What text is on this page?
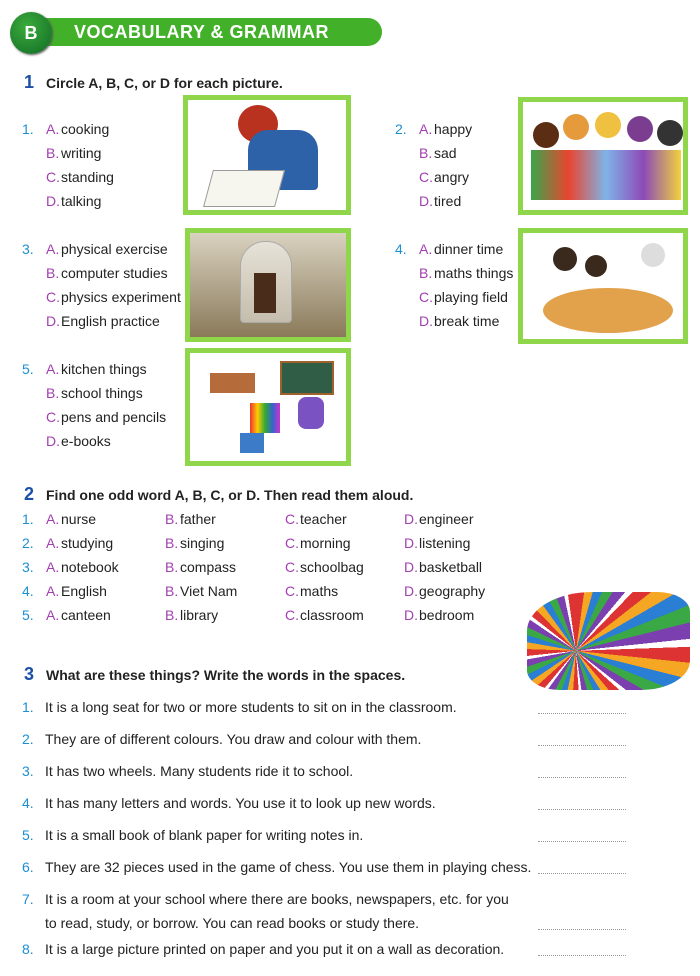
VOCABULARY & GRAMMAR
B
1 Circle A, B, C, or D for each picture.
2 Find one odd word A, B, C, or D. Then read them aloud.
3 What are these things? Write the words in the spaces.
1. A. cooking
B. writing
C. standing
D. talking
2. A. happy
B. sad
C. angry
D. tired
3. A. physical exercise
B. computer studies
C. physics experiment
D. English practice
4. A. dinner time
B. maths things
C. playing field
D. break time
5. A. kitchen things
B. school things
C. pens and pencils
D. e-books
1. A. nurse	B. father	C. teacher	D. engineer
2. A. studying	B. singing	C. morning	D. listening
3. A. notebook	B. compass	C. schoolbag	D. basketball
4. A. English	B. Viet Nam	C. maths	D. geography
5. A. canteen	B. library	C. classroom	D. bedroom
1. It is a long seat for two or more students to sit on in the classroom.
2. They are of different colours. You draw and colour with them.
3. It has two wheels. Many students ride it to school.
4. It has many letters and words. You use it to look up new words.
5. It is a small book of blank paper for writing notes in.
6. They are 32 pieces used in the game of chess. You use them in playing chess.
7. It is a room at your school where there are books, newspapers, etc. for you
to read, study, or borrow. You can read books or study there.
8. It is a large picture printed on paper and you put it on a wall as decoration.
